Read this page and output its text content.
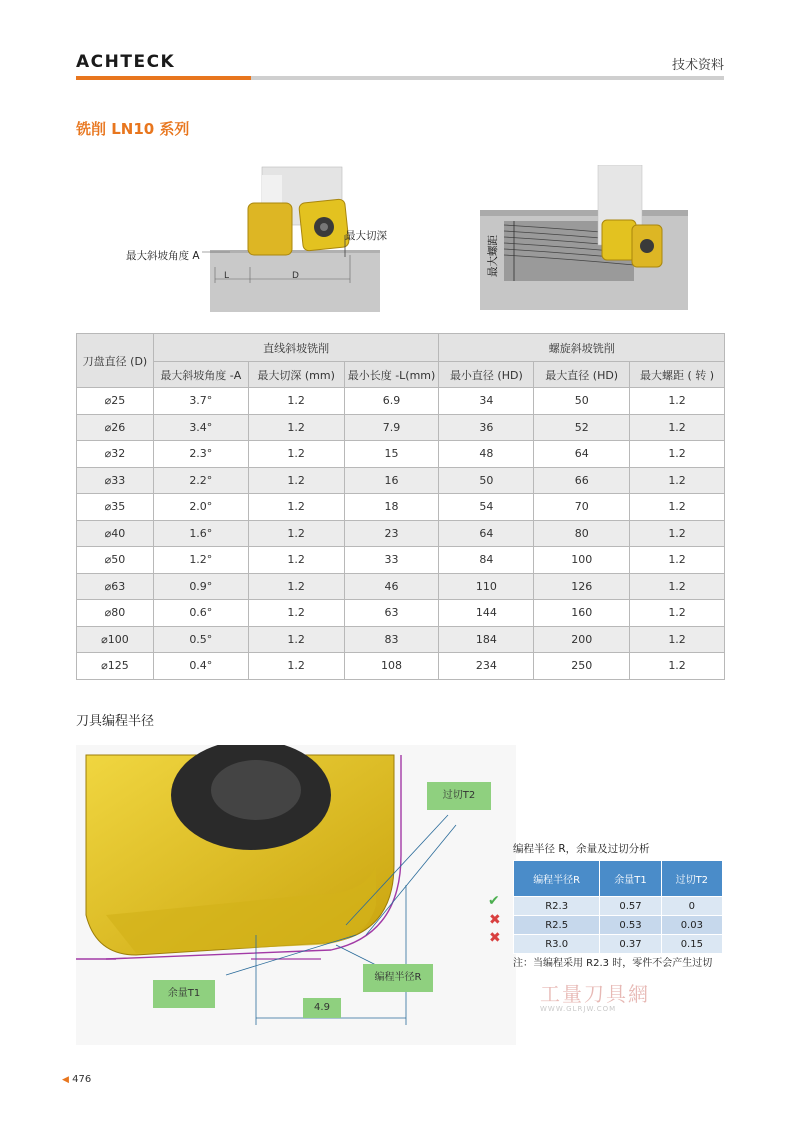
ACHTECK	技术资料
铣削 LN10 系列
L	D
最大切深
最大斜坡角度 A	最大螺距
刀盘直径 (D)	直线斜坡铣削			螺旋斜坡铣削		
	最大斜坡角度 -A	最大切深 (mm)	最小长度 -L(mm)	最小直径 (HD)	最大直径 (HD)	最大螺距 ( 转 )
⌀25	3.7°	1.2	6.9	34	50	1.2
⌀26	3.4°	1.2	7.9	36	52	1.2
⌀32	2.3°	1.2	15	48	64	1.2
⌀33	2.2°	1.2	16	50	66	1.2
⌀35	2.0°	1.2	18	54	70	1.2
⌀40	1.6°	1.2	23	64	80	1.2
⌀50	1.2°	1.2	33	84	100	1.2
⌀63	0.9°	1.2	46	110	126	1.2
⌀80	0.6°	1.2	63	144	160	1.2
⌀100	0.5°	1.2	83	184	200	1.2
⌀125	0.4°	1.2	108	234	250	1.2
刀具编程半径
过切T2
余量T1
编程半径R
4.9
编程半径 R，余量及过切分析
编程半径R	余量T1	过切T2
R2.3	0.57	0
R2.5	0.53	0.03
R3.0	0.37	0.15
✔
✖
✖
注：当编程采用 R2.3 时，零件不会产生过切
工量刀具網
WWW.GLRJW.COM
◀ 476
